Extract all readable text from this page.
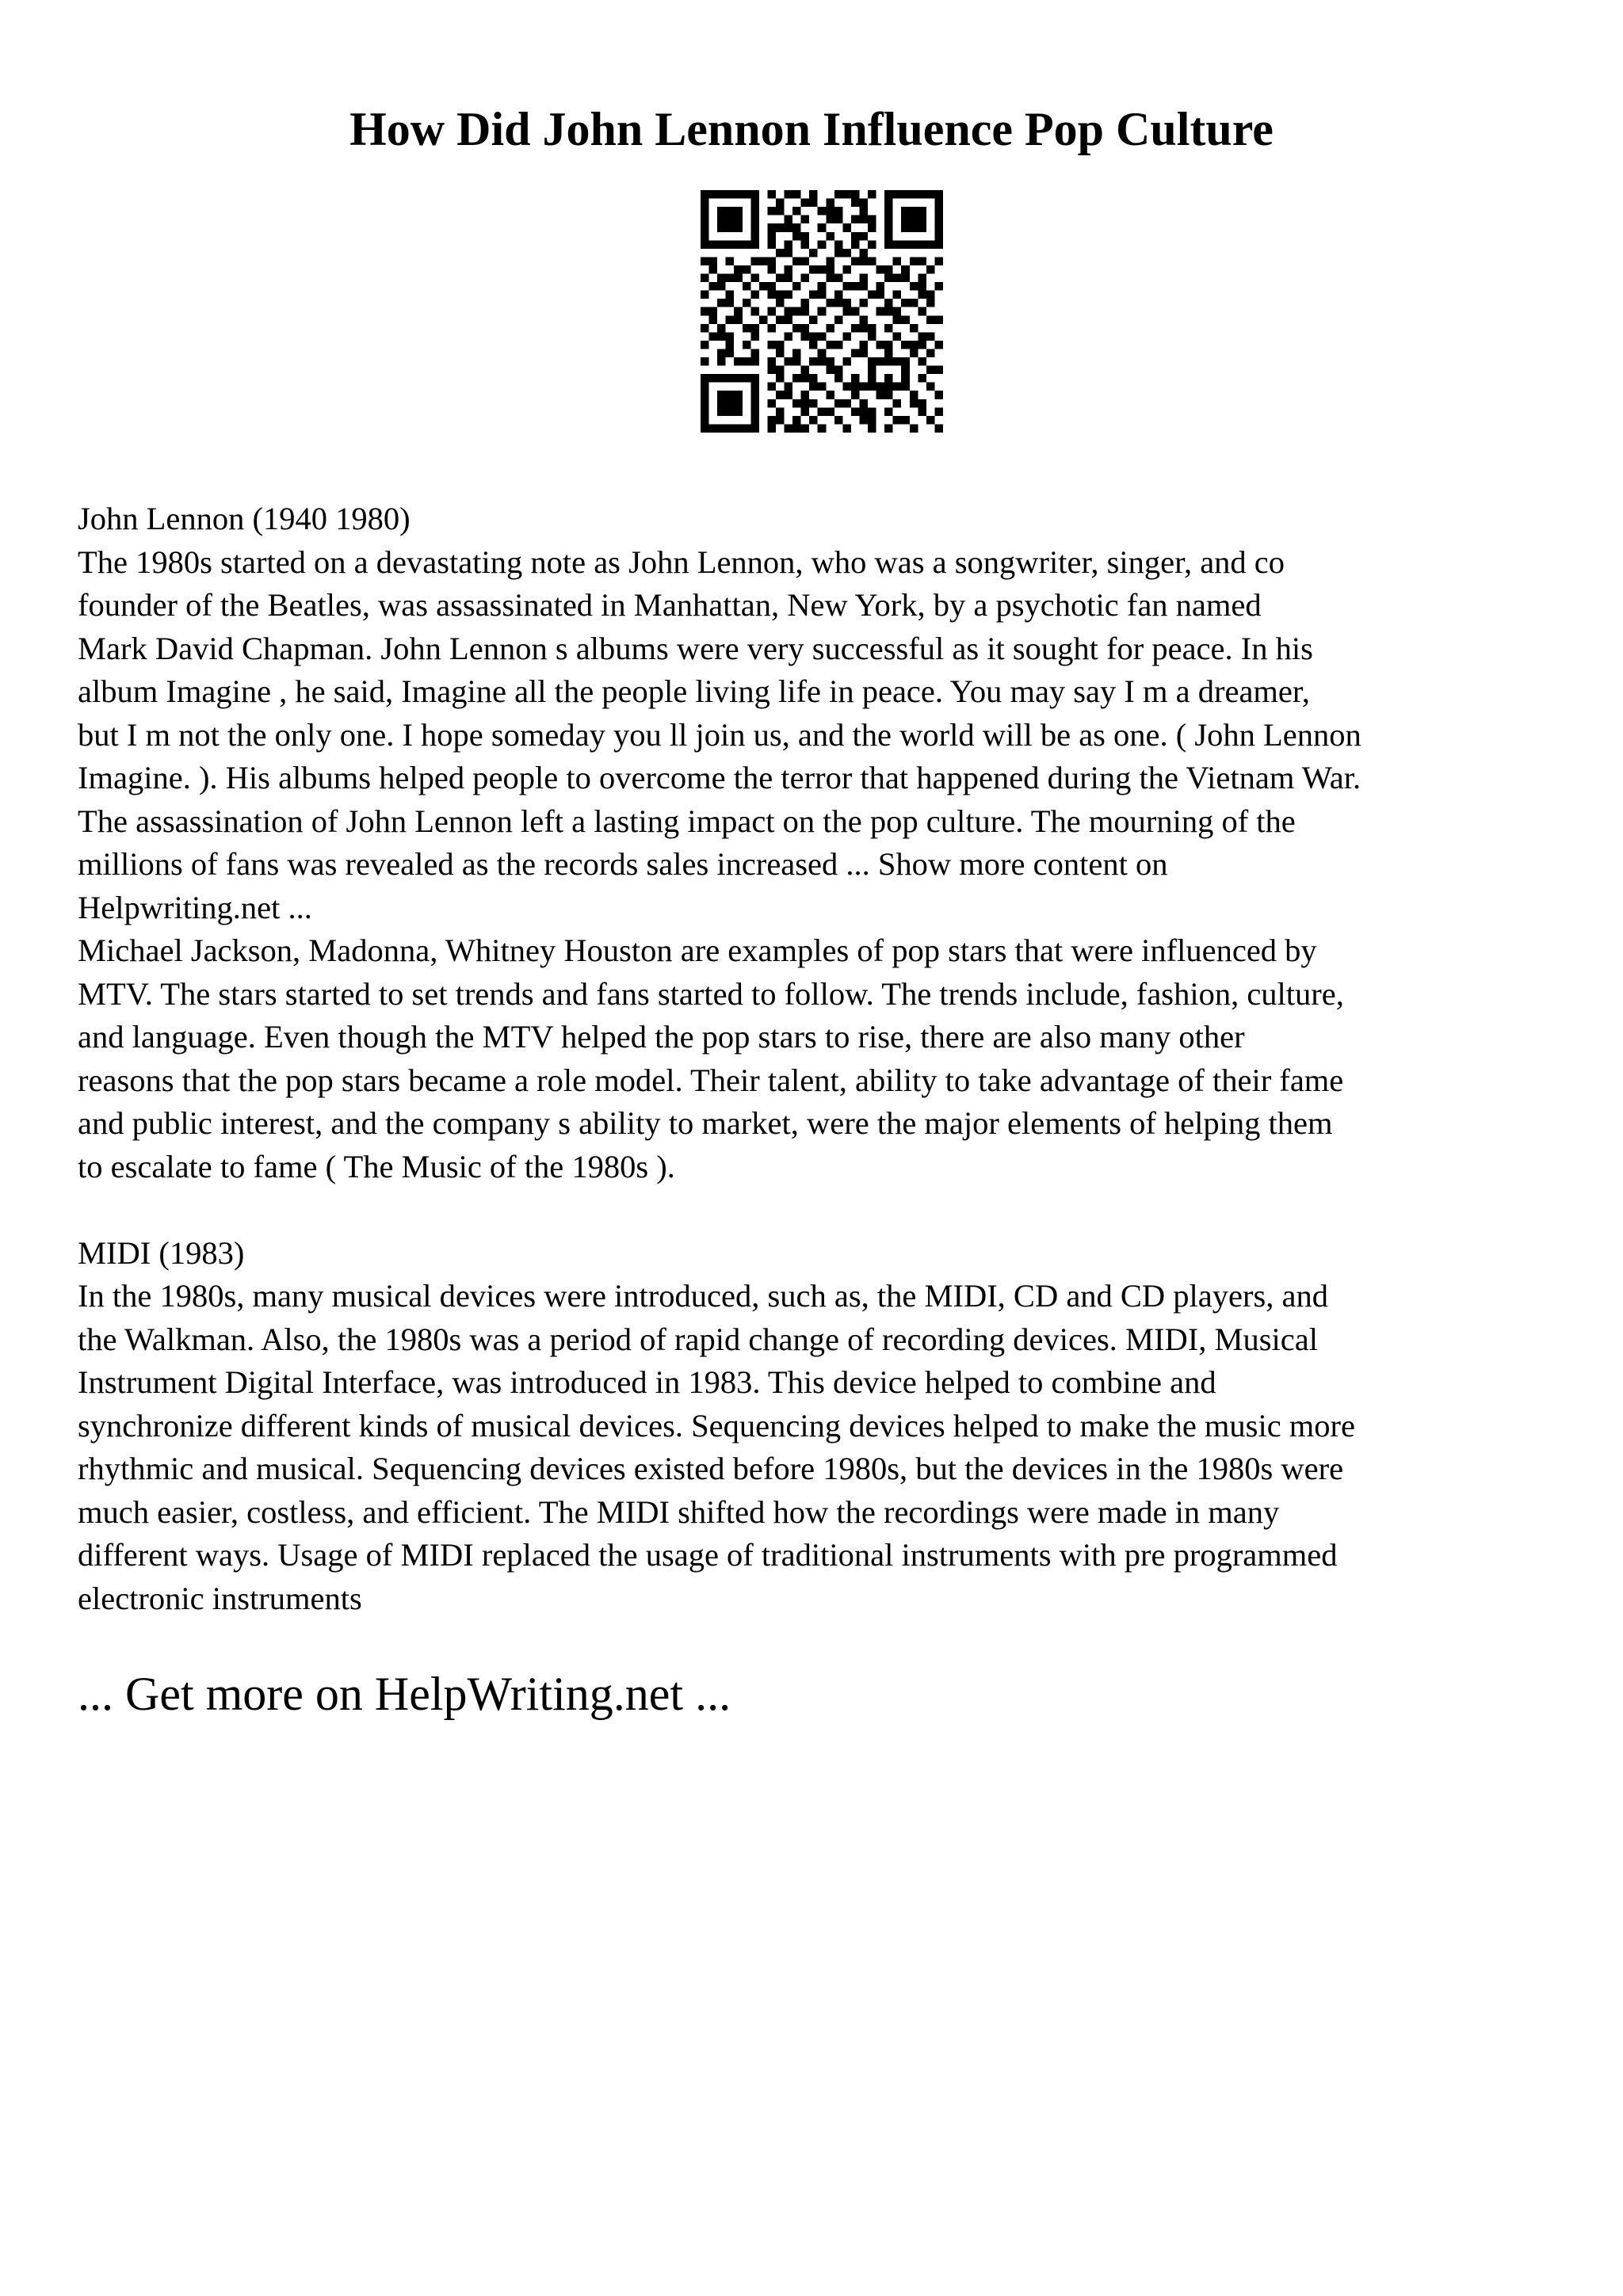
How Did John Lennon Influence Pop Culture

John Lennon (1940 1980)

The 1980s started on a devastating note as John Lennon, who was a songwriter, singer, and co

founder of the Beatles, was assassinated in Manhattan, New York, by a psychotic fan named

Mark David Chapman. John Lennon s albums were very successful as it sought for peace. In his

album Imagine , he said, Imagine all the people living life in peace. You may say I m a dreamer,

but I m not the only one. I hope someday you ll join us, and the world will be as one. ( John Lennon

Imagine. ). His albums helped people to overcome the terror that happened during the Vietnam War.

The assassination of John Lennon left a lasting impact on the pop culture. The mourning of the

millions of fans was revealed as the records sales increased ... Show more content on

Helpwriting.net ...

Michael Jackson, Madonna, Whitney Houston are examples of pop stars that were influenced by

MTV. The stars started to set trends and fans started to follow. The trends include, fashion, culture,

and language. Even though the MTV helped the pop stars to rise, there are also many other

reasons that the pop stars became a role model. Their talent, ability to take advantage of their fame

and public interest, and the company s ability to market, were the major elements of helping them

to escalate to fame ( The Music of the 1980s ).

MIDI (1983)

In the 1980s, many musical devices were introduced, such as, the MIDI, CD and CD players, and

the Walkman. Also, the 1980s was a period of rapid change of recording devices. MIDI, Musical

Instrument Digital Interface, was introduced in 1983. This device helped to combine and

synchronize different kinds of musical devices. Sequencing devices helped to make the music more

rhythmic and musical. Sequencing devices existed before 1980s, but the devices in the 1980s were

much easier, costless, and efficient. The MIDI shifted how the recordings were made in many

different ways. Usage of MIDI replaced the usage of traditional instruments with pre programmed

electronic instruments

... Get more on HelpWriting.net ...
